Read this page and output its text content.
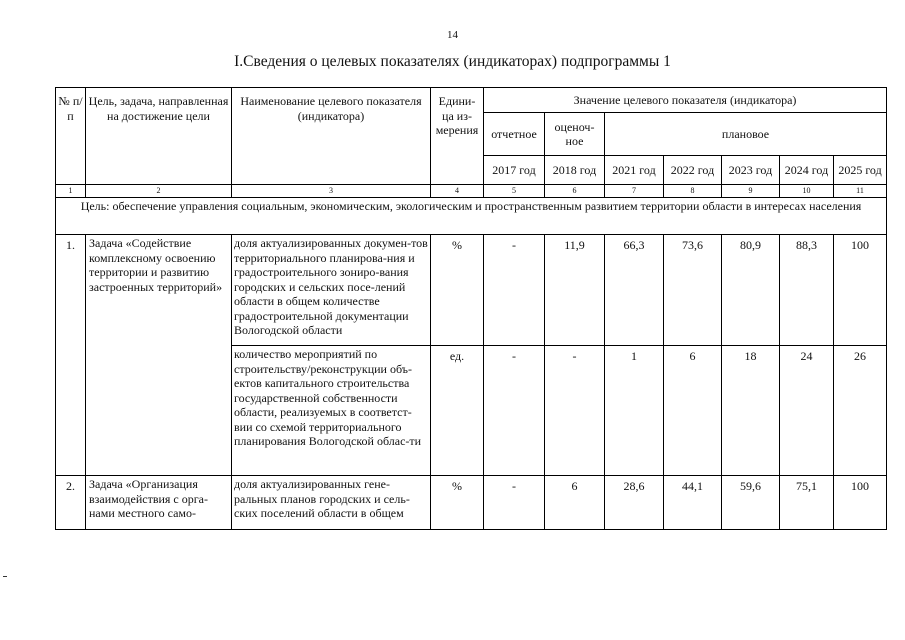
14
I.Сведения о целевых показателях (индикаторах) подпрограммы 1
№ п/п	Цель, задача, направленная на достижение цели	Наименование целевого показателя (индикатора)	Едини-ца из-мерения	Значение целевого показателя (индикатора)						
				отчетное	оценоч-ное	плановое				
				2017 год	2018 год	2021 год	2022 год	2023 год	2024 год	2025 год
1	2	3	4	5	6	7	8	9	10	11
Цель: обеспечение управления социальным, экономическим, экологическим и пространственным развитием территории области в интересах населения										
1.	Задача «Содействие комплексному освоению территории и развитию застроенных территорий»	доля актуализированных докумен-тов территориального планирова-ния и градостроительного зониро-вания городских и сельских посе-лений области в общем количестве градостроительной документации Вологодской области	%	-	11,9	66,3	73,6	80,9	88,3	100
		количество мероприятий по строительству/реконструкции объ-ектов капитального строительства государственной собственности области, реализуемых в соответст-вии со схемой территориального планирования Вологодской облас-ти	ед.	-	-	1	6	18	24	26
2.	Задача «Организация взаимодействия с орга-нами местного само-	доля актуализированных гене-ральных планов городских и сель-ских поселений области в общем	%	-	6	28,6	44,1	59,6	75,1	100
